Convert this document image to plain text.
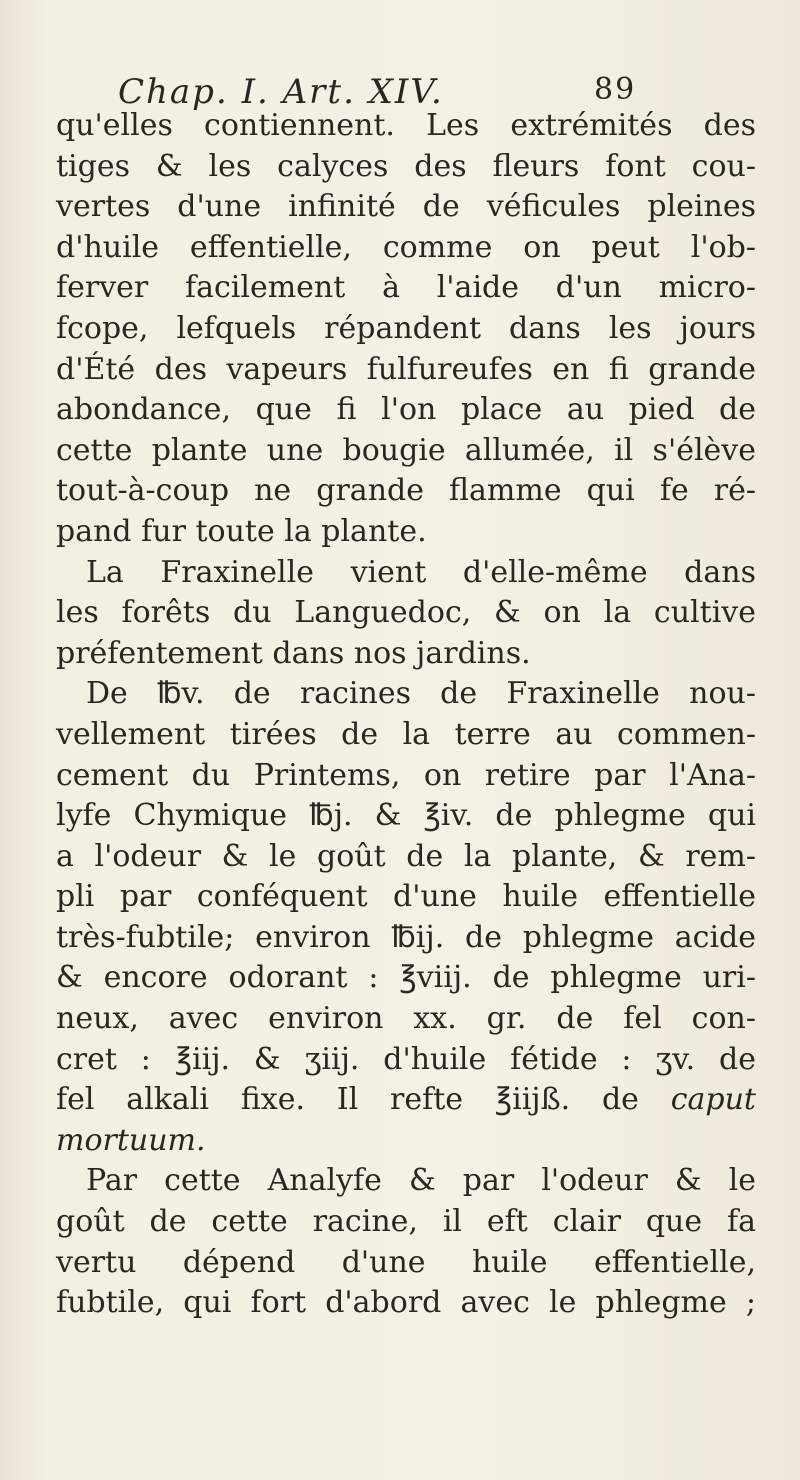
Chap. I. Art. XIV.	89
qu'elles contiennent. Les extrémités des
tiges & les calyces des fleurs font cou-
vertes d'une infinité de véficules pleines
d'huile effentielle, comme on peut l'ob-
ferver facilement à l'aide d'un micro-
fcope, lefquels répandent dans les jours
d'Été des vapeurs fulfureufes en fi grande
abondance, que fi l'on place au pied de
cette plante une bougie allumée, il s'élève
tout-à-coup ne grande flamme qui fe ré-
pand fur toute la plante.
La Fraxinelle vient d'elle-même dans
les forêts du Languedoc, & on la cultive
préfentement dans nos jardins.
De ℔v. de racines de Fraxinelle nou-
vellement tirées de la terre au commen-
cement du Printems, on retire par l'Ana-
lyfe Chymique ℔j. & ℥iv. de phlegme qui
a l'odeur & le goût de la plante, & rem-
pli par conféquent d'une huile effentielle
très-fubtile; environ ℔ij. de phlegme acide
& encore odorant : ℥viij. de phlegme uri-
neux, avec environ xx. gr. de fel con-
cret : ℥iij. & ʒiij. d'huile fétide : ʒv. de
fel alkali fixe. Il refte ℥iijß. de caput
mortuum.
Par cette Analyfe & par l'odeur & le
goût de cette racine, il eft clair que fa
vertu dépend d'une huile effentielle,
fubtile, qui fort d'abord avec le phlegme ;
